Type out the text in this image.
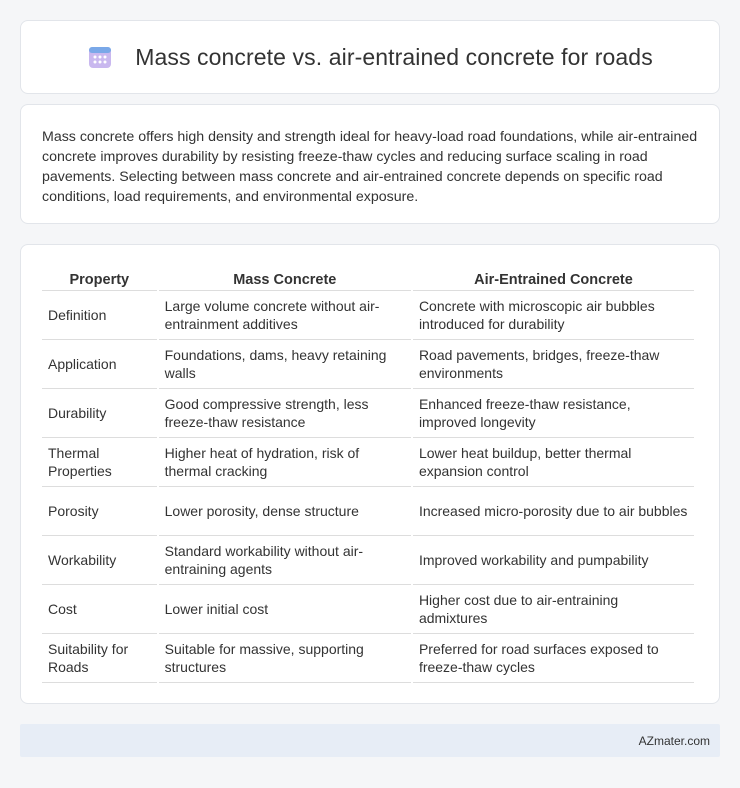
Mass concrete vs. air-entrained concrete for roads

Mass concrete offers high density and strength ideal for heavy-load road foundations, while air-entrained concrete improves durability by resisting freeze-thaw cycles and reducing surface scaling in road pavements. Selecting between mass concrete and air-entrained concrete depends on specific road conditions, load requirements, and environmental exposure.

Property	Mass Concrete	Air-Entrained Concrete
Definition	Large volume concrete without air-entrainment additives	Concrete with microscopic air bubbles introduced for durability
Application	Foundations, dams, heavy retaining walls	Road pavements, bridges, freeze-thaw environments
Durability	Good compressive strength, less freeze-thaw resistance	Enhanced freeze-thaw resistance, improved longevity
Thermal Properties	Higher heat of hydration, risk of thermal cracking	Lower heat buildup, better thermal expansion control
Porosity	Lower porosity, dense structure	Increased micro-porosity due to air bubbles
Workability	Standard workability without air-entraining agents	Improved workability and pumpability
Cost	Lower initial cost	Higher cost due to air-entraining admixtures
Suitability for Roads	Suitable for massive, supporting structures	Preferred for road surfaces exposed to freeze-thaw cycles
AZmater.com
